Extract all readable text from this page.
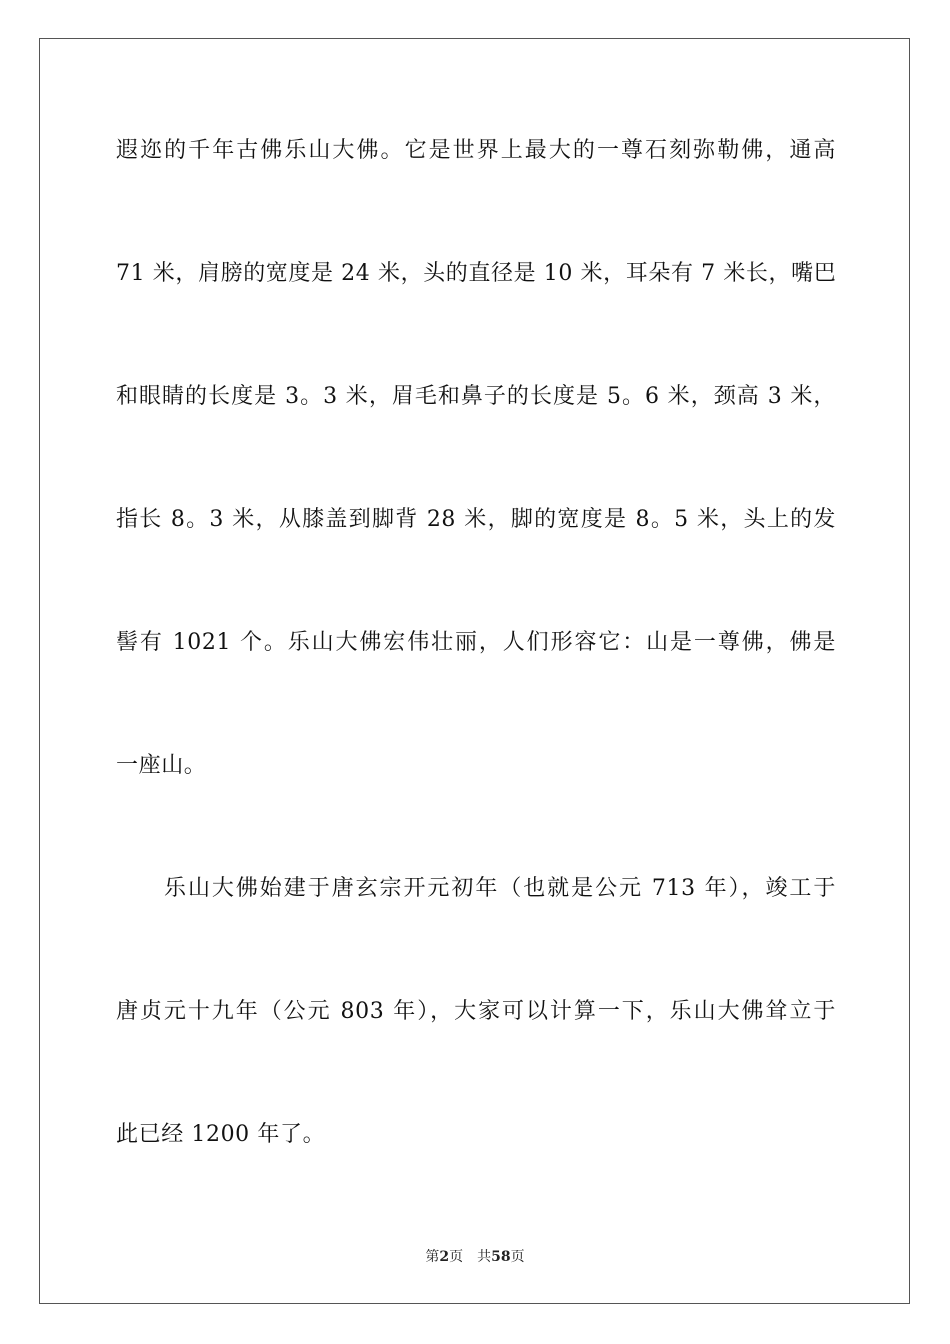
遐迩的千年古佛乐山大佛。它是世界上最大的一尊石刻弥勒佛，通高
71 米，肩膀的宽度是 24 米，头的直径是 10 米，耳朵有 7 米长，嘴巴
和眼睛的长度是 3。3 米，眉毛和鼻子的长度是 5。6 米，颈高 3 米，
指长 8。3 米，从膝盖到脚背 28 米，脚的宽度是 8。5 米，头上的发
髻有 1021 个。乐山大佛宏伟壮丽，人们形容它：山是一尊佛，佛是
一座山。
乐山大佛始建于唐玄宗开元初年（也就是公元 713 年），竣工于
唐贞元十九年（公元 803 年），大家可以计算一下，乐山大佛耸立于
此已经 1200 年了。
第2页 共58页
